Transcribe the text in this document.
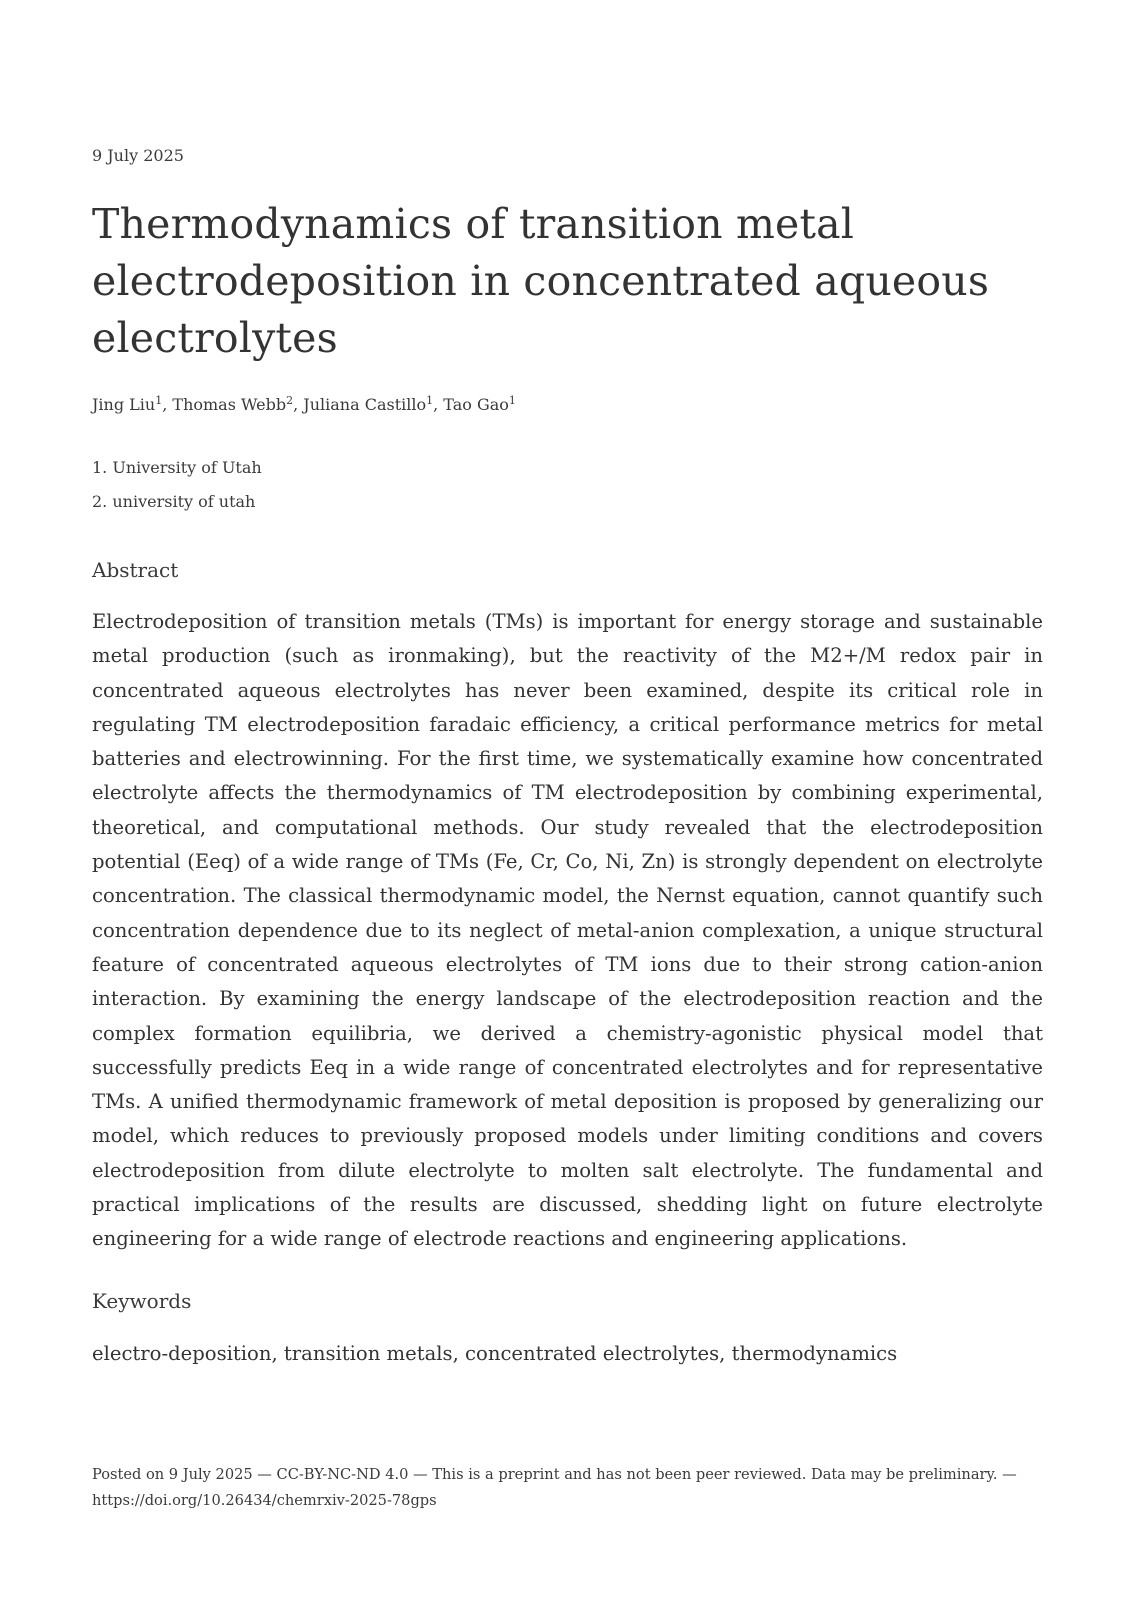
9 July 2025
Thermodynamics of transition metal electrodeposition in concentrated aqueous electrolytes
Jing Liu$^1$, Thomas Webb$^2$, Juliana Castillo$^1$, Tao Gao$^1$
1. University of Utah
2. university of utah
Abstract

Electrodeposition of transition metals (TMs) is important for energy storage and sustainable metal production (such as ironmaking), but the reactivity of the M2+/M redox pair in concentrated aqueous electrolytes has never been examined, despite its critical role in regulating TM electrodeposition faradaic efficiency, a critical performance metrics for metal batteries and electrowinning. For the first time, we systematically examine how concentrated electrolyte affects the thermodynamics of TM electrodeposition by combining experimental, theoretical, and computational methods. Our study revealed that the electrodeposition potential (Eeq) of a wide range of TMs (Fe, Cr, Co, Ni, Zn) is strongly dependent on electrolyte concentration. The classical thermodynamic model, the Nernst equation, cannot quantify such concentration dependence due to its neglect of metal-anion complexation, a unique structural feature of concentrated aqueous electrolytes of TM ions due to their strong cation-anion interaction. By examining the energy landscape of the electrodeposition reaction and the complex formation equilibria, we derived a chemistry-agonistic physical model that successfully predicts Eeq in a wide range of concentrated electrolytes and for representative TMs. A unified thermodynamic framework of metal deposition is proposed by generalizing our model, which reduces to previously proposed models under limiting conditions and covers electrodeposition from dilute electrolyte to molten salt electrolyte. The fundamental and practical implications of the results are discussed, shedding light on future electrolyte engineering for a wide range of electrode reactions and engineering applications.

Keywords

electro-deposition, transition metals, concentrated electrolytes, thermodynamics

Posted on 9 July 2025 — CC-BY-NC-ND 4.0 — This is a preprint and has not been peer reviewed. Data may be preliminary. — https://doi.org/10.26434/chemrxiv-2025-78gps
